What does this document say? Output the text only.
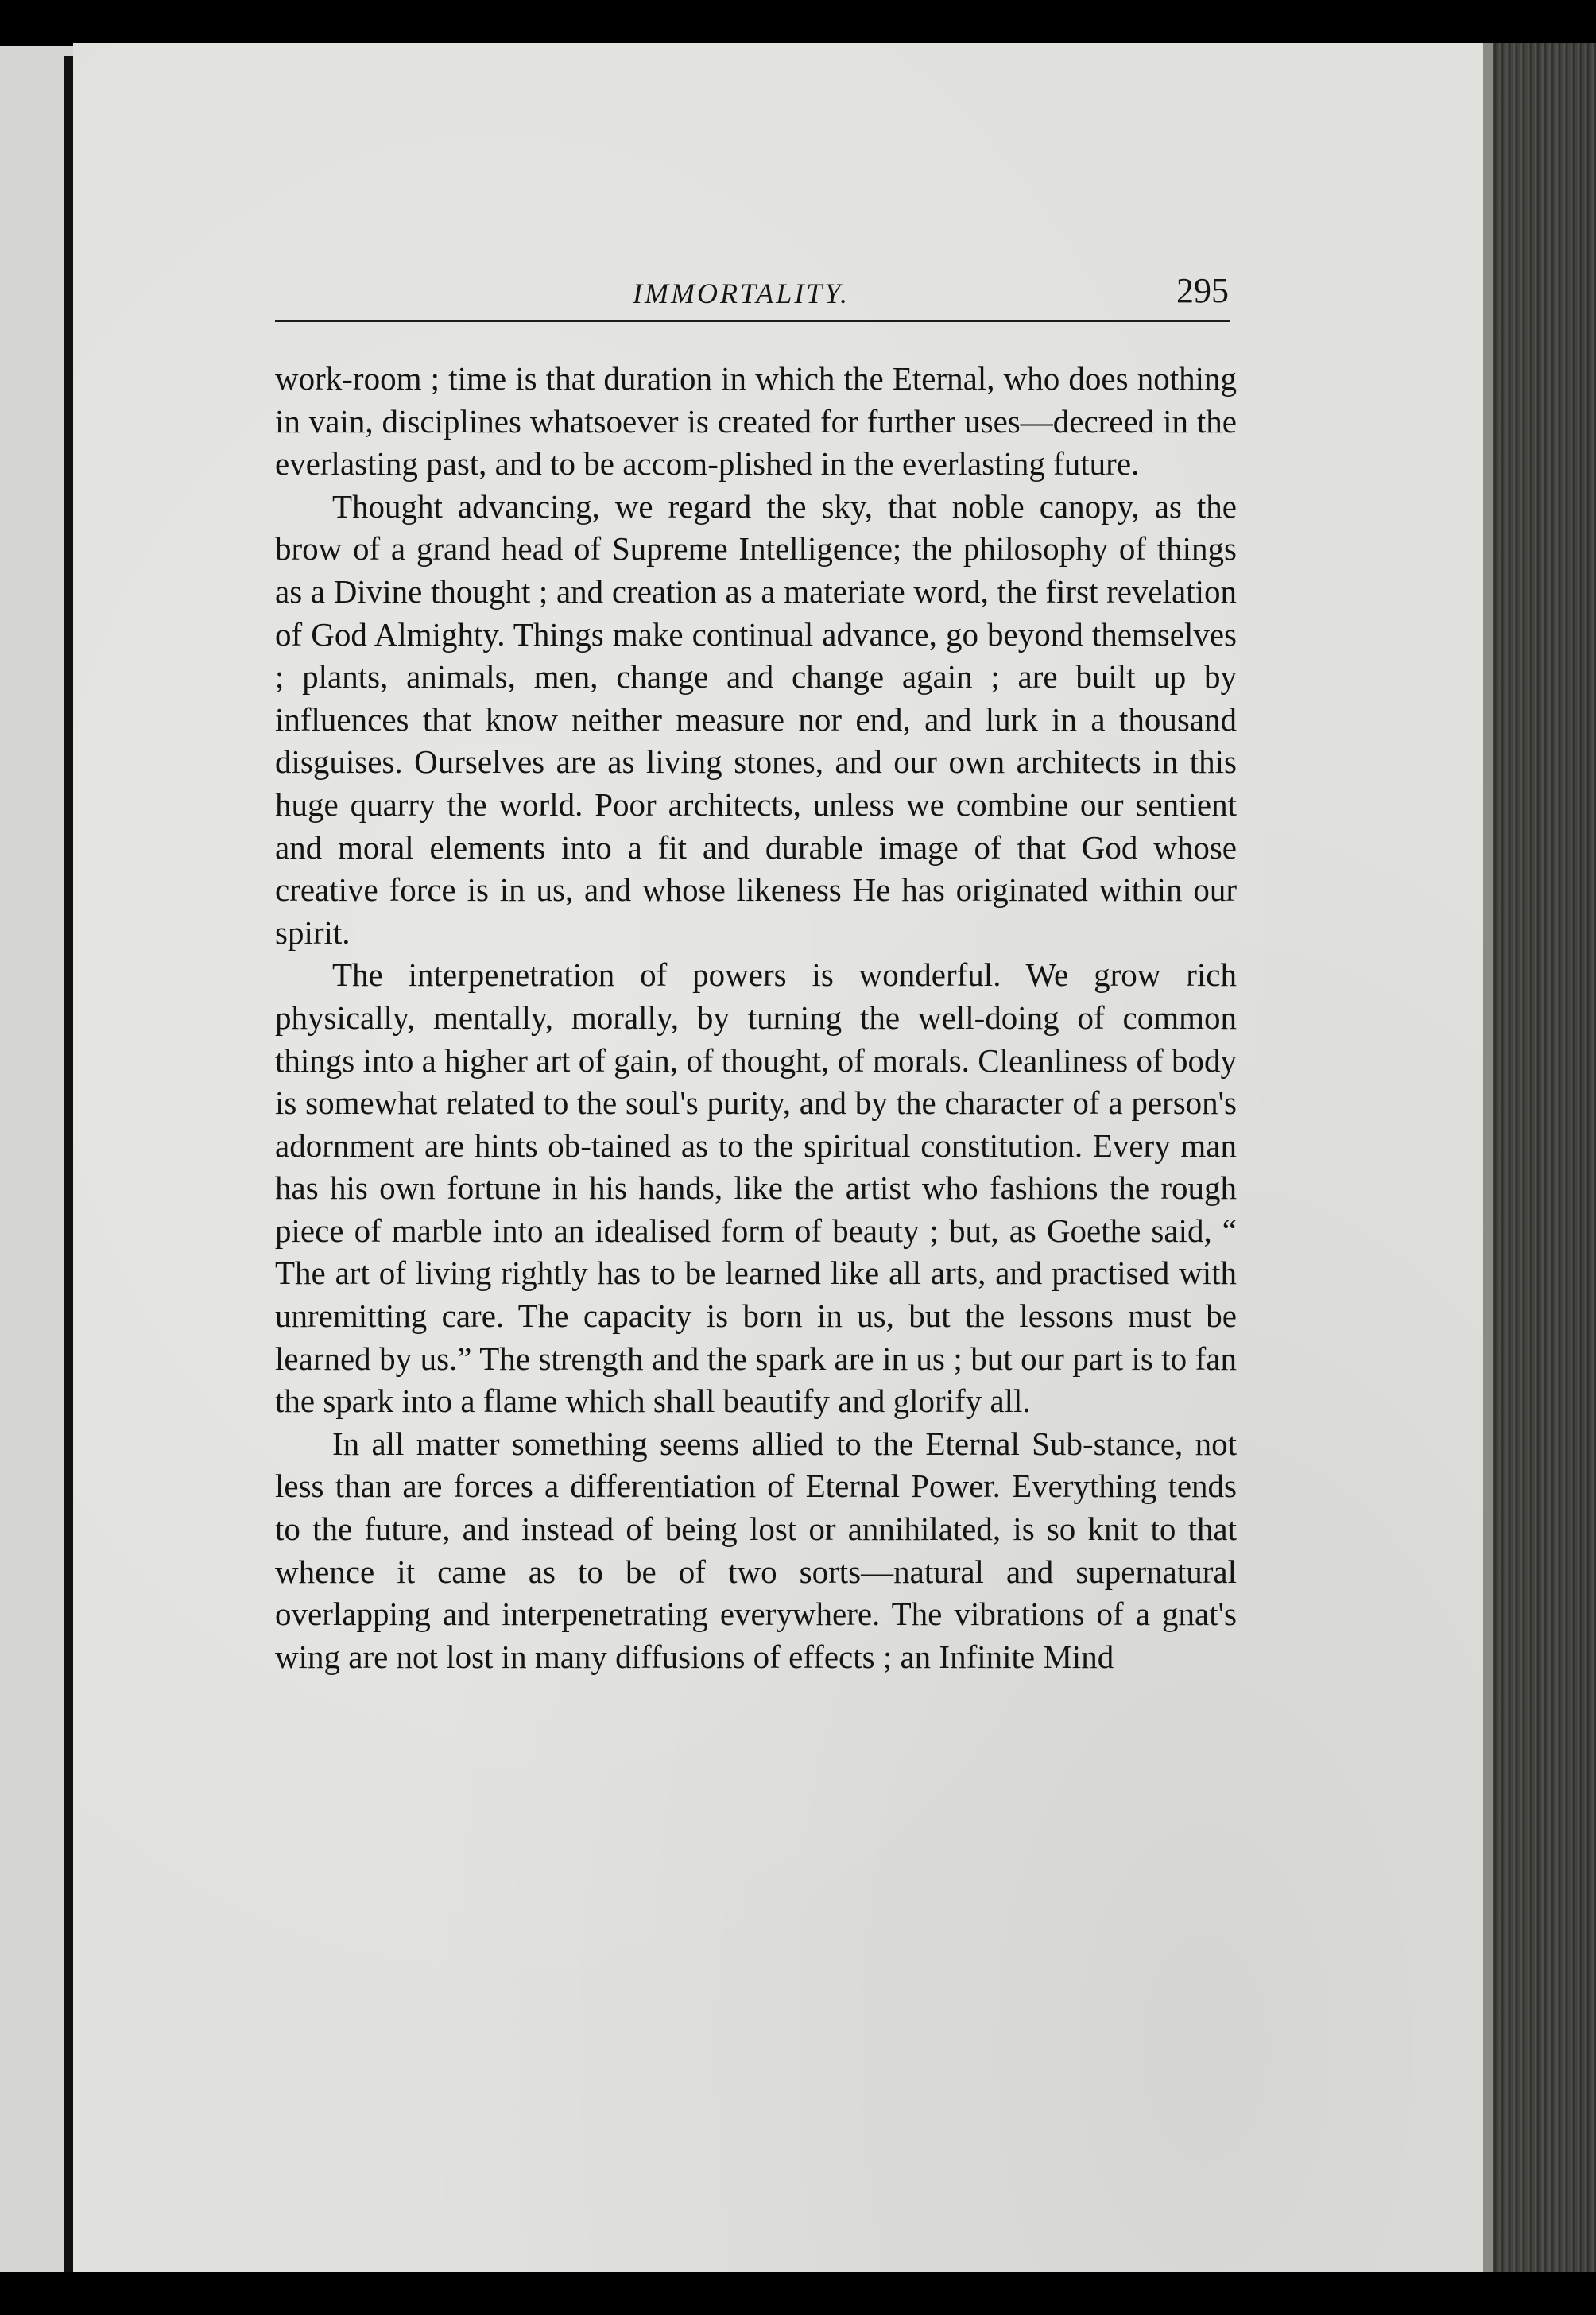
IMMORTALITY.	295

work-room ; time is that duration in which the Eternal, who does nothing in vain, disciplines whatsoever is created for further uses—decreed in the everlasting past, and to be accom-plished in the everlasting future.

Thought advancing, we regard the sky, that noble canopy, as the brow of a grand head of Supreme Intelligence; the philosophy of things as a Divine thought ; and creation as a materiate word, the first revelation of God Almighty. Things make continual advance, go beyond themselves ; plants, animals, men, change and change again ; are built up by influences that know neither measure nor end, and lurk in a thousand disguises. Ourselves are as living stones, and our own architects in this huge quarry the world. Poor architects, unless we combine our sentient and moral elements into a fit and durable image of that God whose creative force is in us, and whose likeness He has originated within our spirit.

The interpenetration of powers is wonderful. We grow rich physically, mentally, morally, by turning the well-doing of common things into a higher art of gain, of thought, of morals. Cleanliness of body is somewhat related to the soul's purity, and by the character of a person's adornment are hints ob-tained as to the spiritual constitution. Every man has his own fortune in his hands, like the artist who fashions the rough piece of marble into an idealised form of beauty ; but, as Goethe said, “ The art of living rightly has to be learned like all arts, and practised with unremitting care. The capacity is born in us, but the lessons must be learned by us.” The strength and the spark are in us ; but our part is to fan the spark into a flame which shall beautify and glorify all.

In all matter something seems allied to the Eternal Sub-stance, not less than are forces a differentiation of Eternal Power. Everything tends to the future, and instead of being lost or annihilated, is so knit to that whence it came as to be of two sorts—natural and supernatural overlapping and interpenetrating everywhere. The vibrations of a gnat's wing are not lost in many diffusions of effects ; an Infinite Mind
